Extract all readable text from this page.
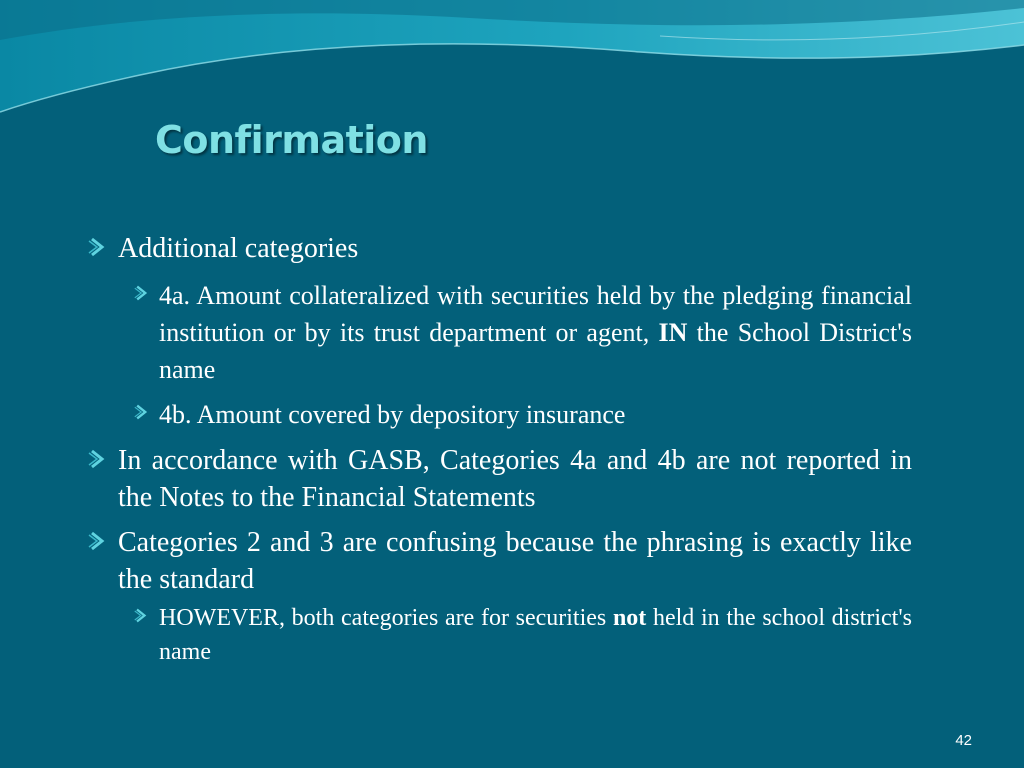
Confirmation
Additional categories
4a. Amount collateralized with securities held by the pledging financial institution or by its trust department or agent, IN the School District's name
4b. Amount covered by depository insurance
In accordance with GASB, Categories 4a and 4b are not reported in the Notes to the Financial Statements
Categories 2 and 3 are confusing because the phrasing is exactly like the standard
HOWEVER, both categories are for securities not held in the school district's name
42
